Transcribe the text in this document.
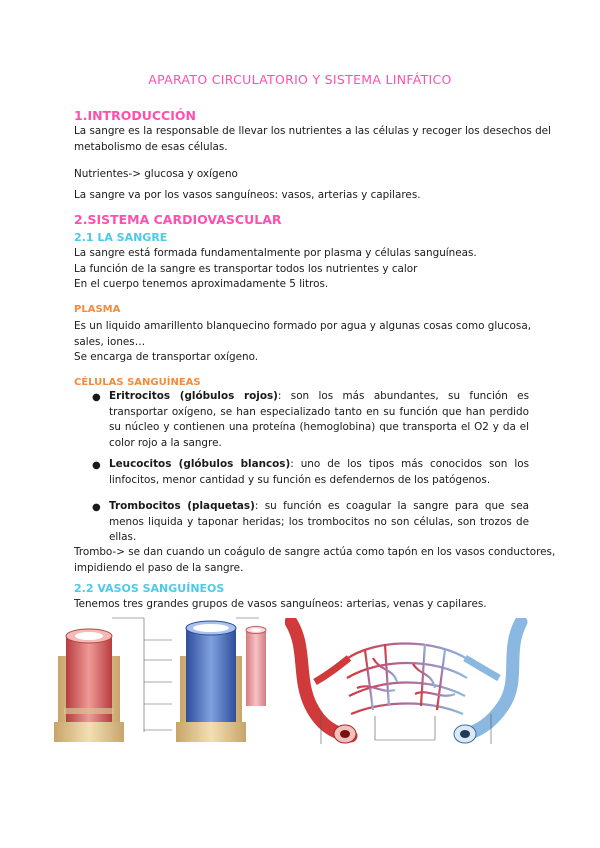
APARATO CIRCULATORIO Y SISTEMA LINFÁTICO
1.INTRODUCCIÓN
La sangre es la responsable de llevar los nutrientes a las células y recoger los desechos del
metabolismo de esas células.
Nutrientes-> glucosa y oxígeno
La sangre va por los vasos sanguíneos: vasos, arterias y capilares.
2.SISTEMA CARDIOVASCULAR
2.1 LA SANGRE
La sangre está formada fundamentalmente por plasma y células sanguíneas.
La función de la sangre es transportar todos los nutrientes y calor
En el cuerpo tenemos aproximadamente 5 litros.
PLASMA
Es un liquido amarillento blanquecino formado por agua y algunas cosas como glucosa,
sales, iones…
Se encarga de transportar oxígeno.
CÉLULAS SANGUÍNEAS
● Eritrocitos (glóbulos rojos): son los más abundantes, su función es transportar oxígeno, se han especializado tanto en su función que han perdido su núcleo y contienen una proteína (hemoglobina) que transporta el O2 y da el color rojo a la sangre.
● Leucocitos (glóbulos blancos): uno de los tipos más conocidos son los linfocitos, menor cantidad y su función es defendernos de los patógenos.
● Trombocitos (plaquetas): su función es coagular la sangre para que sea menos liquida y taponar heridas; los trombocitos no son células, son trozos de ellas.
Trombo-> se dan cuando un coágulo de sangre actúa como tapón en los vasos conductores,
impidiendo el paso de la sangre.
2.2 VASOS SANGUÍNEOS
Tenemos tres grandes grupos de vasos sanguíneos: arterias, venas y capilares.
